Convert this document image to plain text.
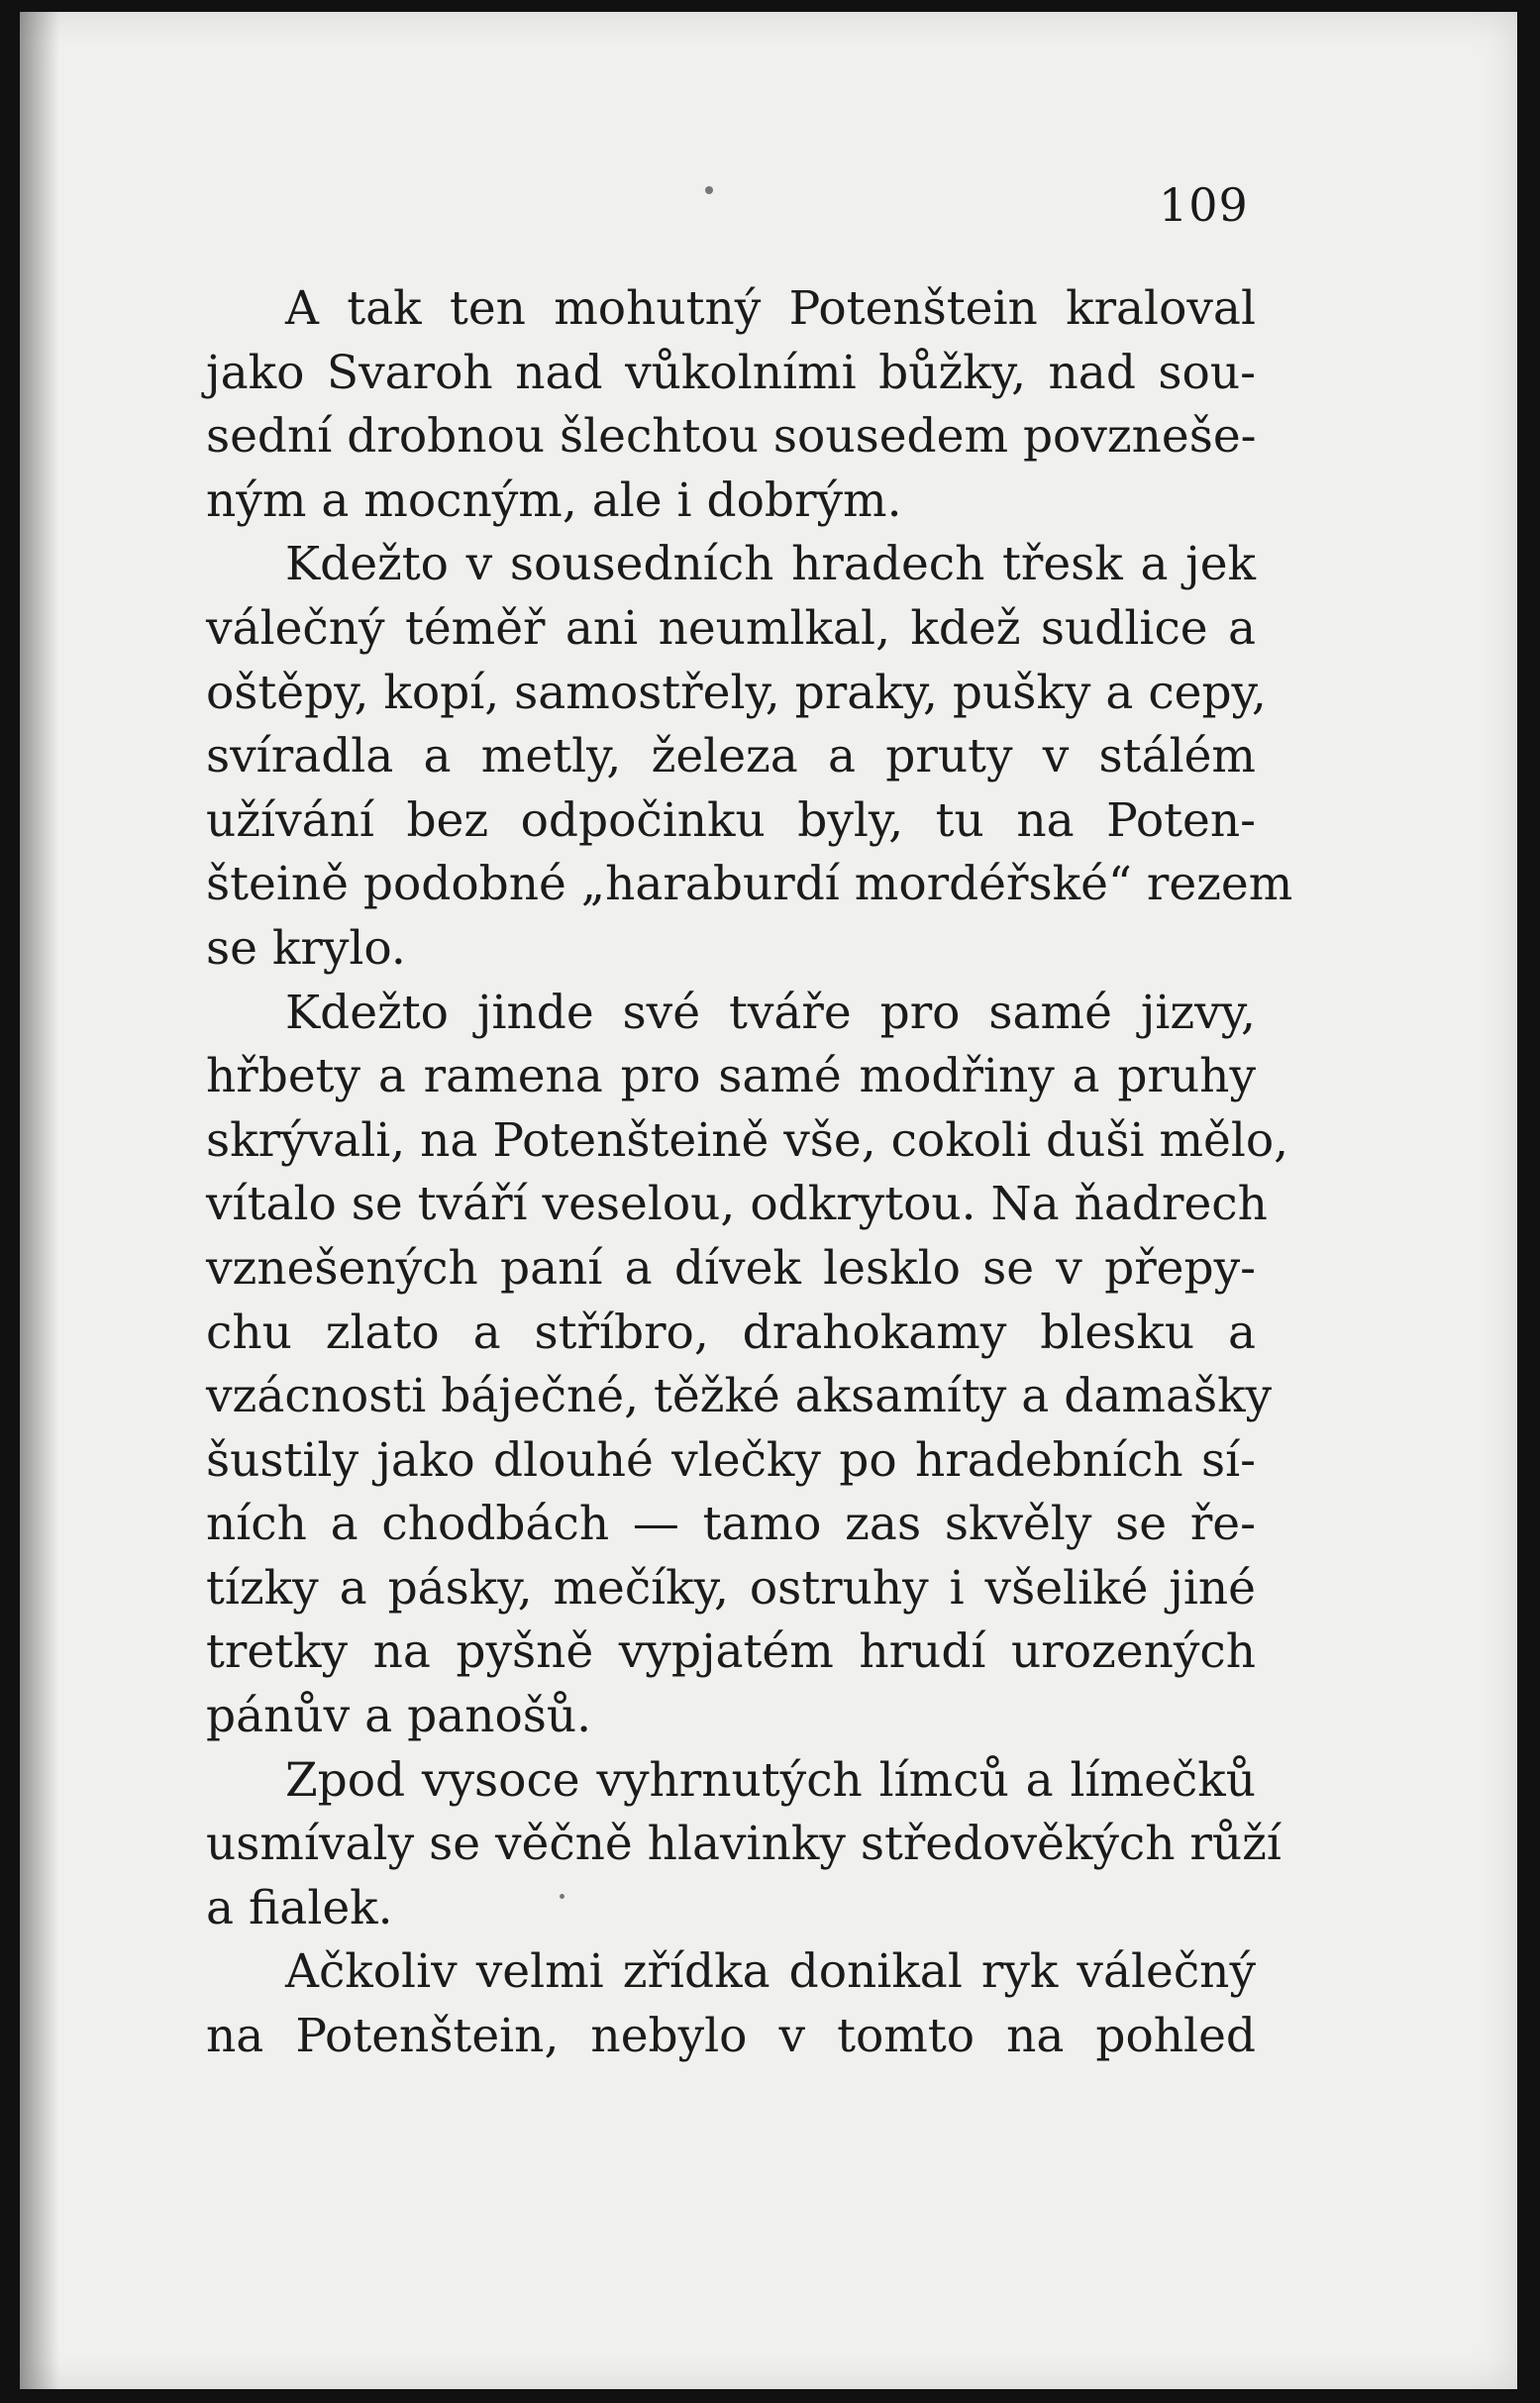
109
A tak ten mohutný Potenštein kraloval
jako Svaroh nad vůkolními bůžky, nad sou-
sední drobnou šlechtou sousedem povzneše-
ným a mocným, ale i dobrým.
Kdežto v sousedních hradech třesk a jek
válečný téměř ani neumlkal, kdež sudlice a
oštěpy, kopí, samostřely, praky, pušky a cepy,
svíradla a metly, železa a pruty v stálém
užívání bez odpočinku byly, tu na Poten-
šteině podobné „haraburdí mordéřské“ rezem
se krylo.
Kdežto jinde své tváře pro samé jizvy,
hřbety a ramena pro samé modřiny a pruhy
skrývali, na Potenšteině vše, cokoli duši mělo,
vítalo se tváří veselou, odkrytou. Na ňadrech
vznešených paní a dívek lesklo se v přepy-
chu zlato a stříbro, drahokamy blesku a
vzácnosti báječné, těžké aksamíty a damašky
šustily jako dlouhé vlečky po hradebních sí-
ních a chodbách — tamo zas skvěly se ře-
tízky a pásky, mečíky, ostruhy i všeliké jiné
tretky na pyšně vypjatém hrudí urozených
pánův a panošů.
Zpod vysoce vyhrnutých límců a límečků
usmívaly se věčně hlavinky středověkých růží
a fialek.
Ačkoliv velmi zřídka donikal ryk válečný
na Potenštein, nebylo v tomto na pohled
